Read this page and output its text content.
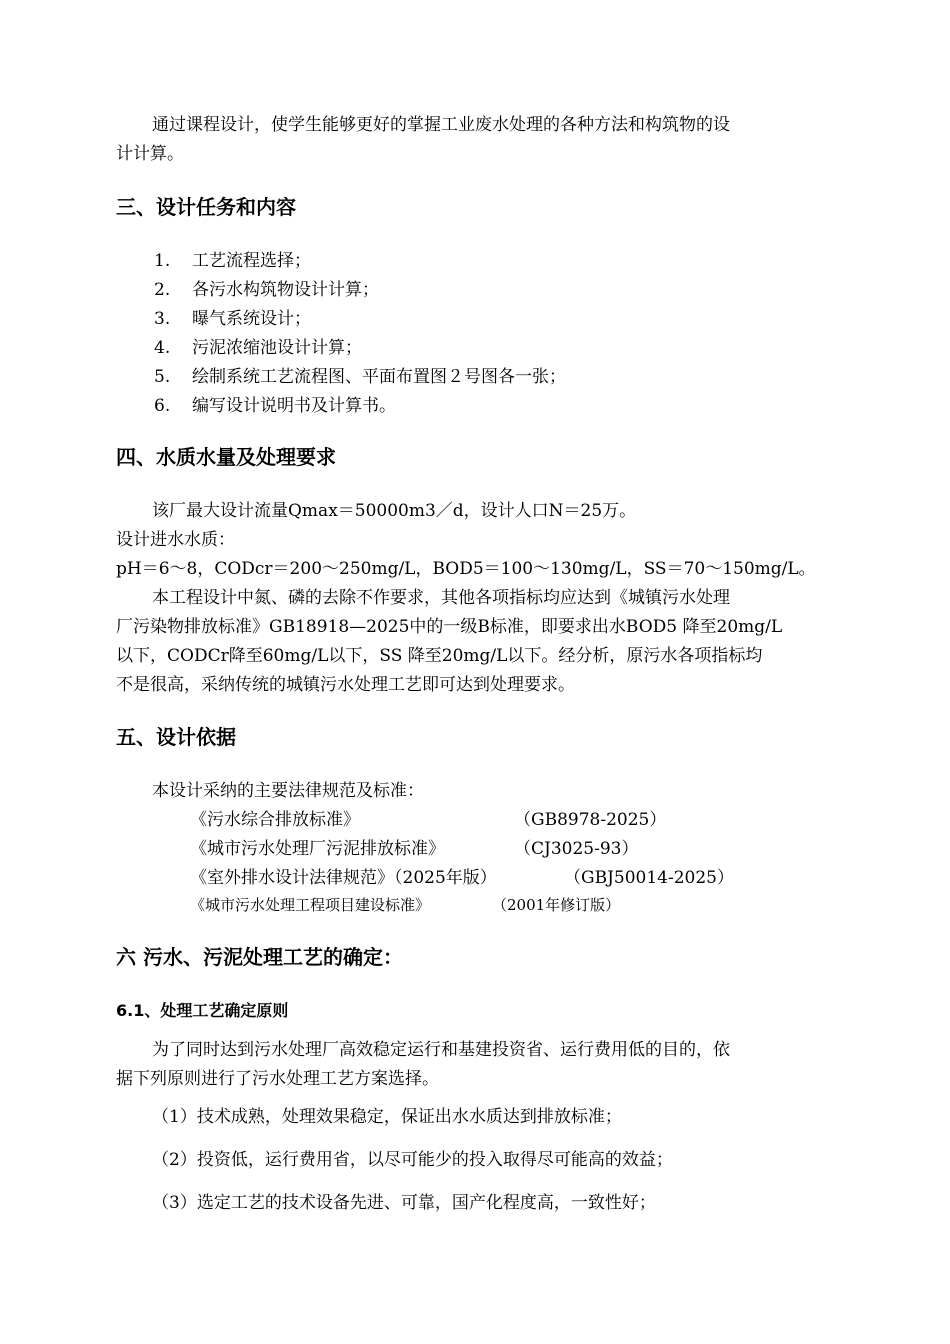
通过课程设计，使学生能够更好的掌握工业废水处理的各种方法和构筑物的设
计计算。
三、设计任务和内容
1. 工艺流程选择；
2. 各污水构筑物设计计算；
3. 曝气系统设计；
4. 污泥浓缩池设计计算；
5. 绘制系统工艺流程图、平面布置图２号图各一张；
6. 编写设计说明书及计算书。
四、水质水量及处理要求
该厂最大设计流量Qmax＝50000m3／d，设计人口N＝25万。
设计进水水质：
pH＝6～8，CODcr＝200～250mg/L，BOD5＝100～130mg/L，SS＝70～150mg/L。
本工程设计中氮、磷的去除不作要求，其他各项指标均应达到《城镇污水处理
厂污染物排放标准》GB18918—2025中的一级B标准，即要求出水BOD5 降至20mg/L
以下，CODCr降至60mg/L以下，SS 降至20mg/L以下。经分析，原污水各项指标均
不是很高，采纳传统的城镇污水处理工艺即可达到处理要求。
五、设计依据
本设计采纳的主要法律规范及标准：
《污水综合排放标准》	（GB8978-2025）
《城市污水处理厂污泥排放标准》	（CJ3025-93）
《室外排水设计法律规范》（2025年版）	（GBJ50014-2025）
《城市污水处理工程项目建设标准》	（2001年修订版）
六 污水、污泥处理工艺的确定：
6.1、处理工艺确定原则
为了同时达到污水处理厂高效稳定运行和基建投资省、运行费用低的目的，依
据下列原则进行了污水处理工艺方案选择。
（1）技术成熟，处理效果稳定，保证出水水质达到排放标准；
（2）投资低，运行费用省，以尽可能少的投入取得尽可能高的效益；
（3）选定工艺的技术设备先进、可靠，国产化程度高，一致性好；
